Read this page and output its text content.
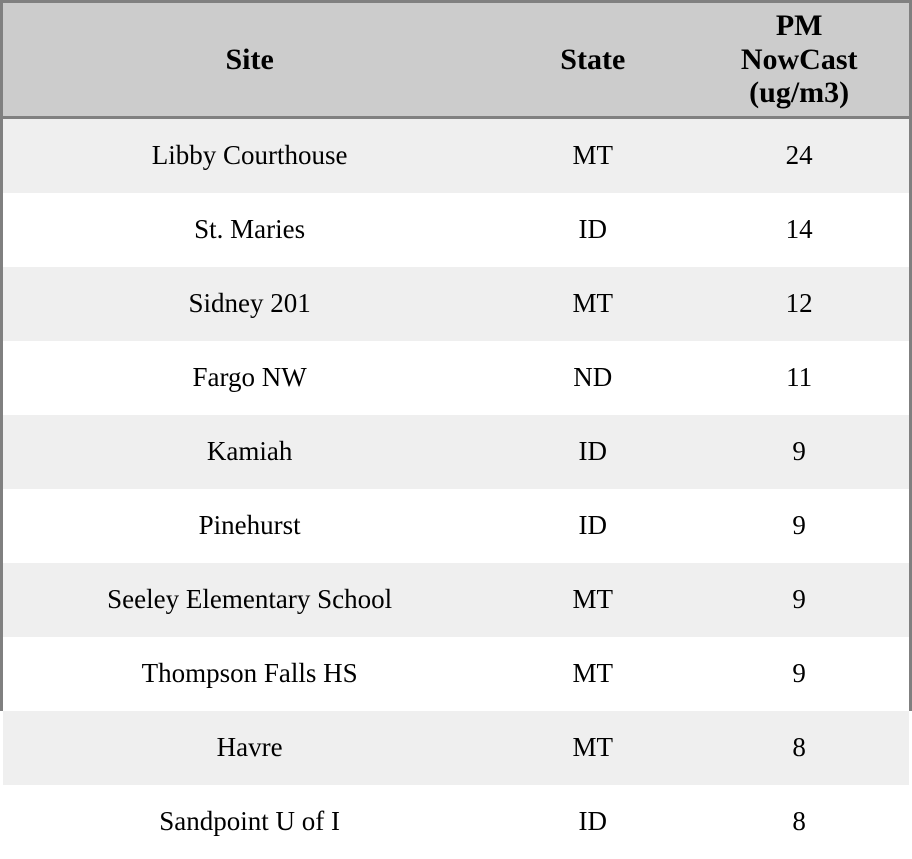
Site	State	PM
NowCast
(ug/m3)

Libby Courthouse	MT	24
St. Maries	ID	14
Sidney 201	MT	12
Fargo NW	ND	11
Kamiah	ID	9
Pinehurst	ID	9
Seeley Elementary School	MT	9
Thompson Falls HS	MT	9
Havre	MT	8
Sandpoint U of I	ID	8
